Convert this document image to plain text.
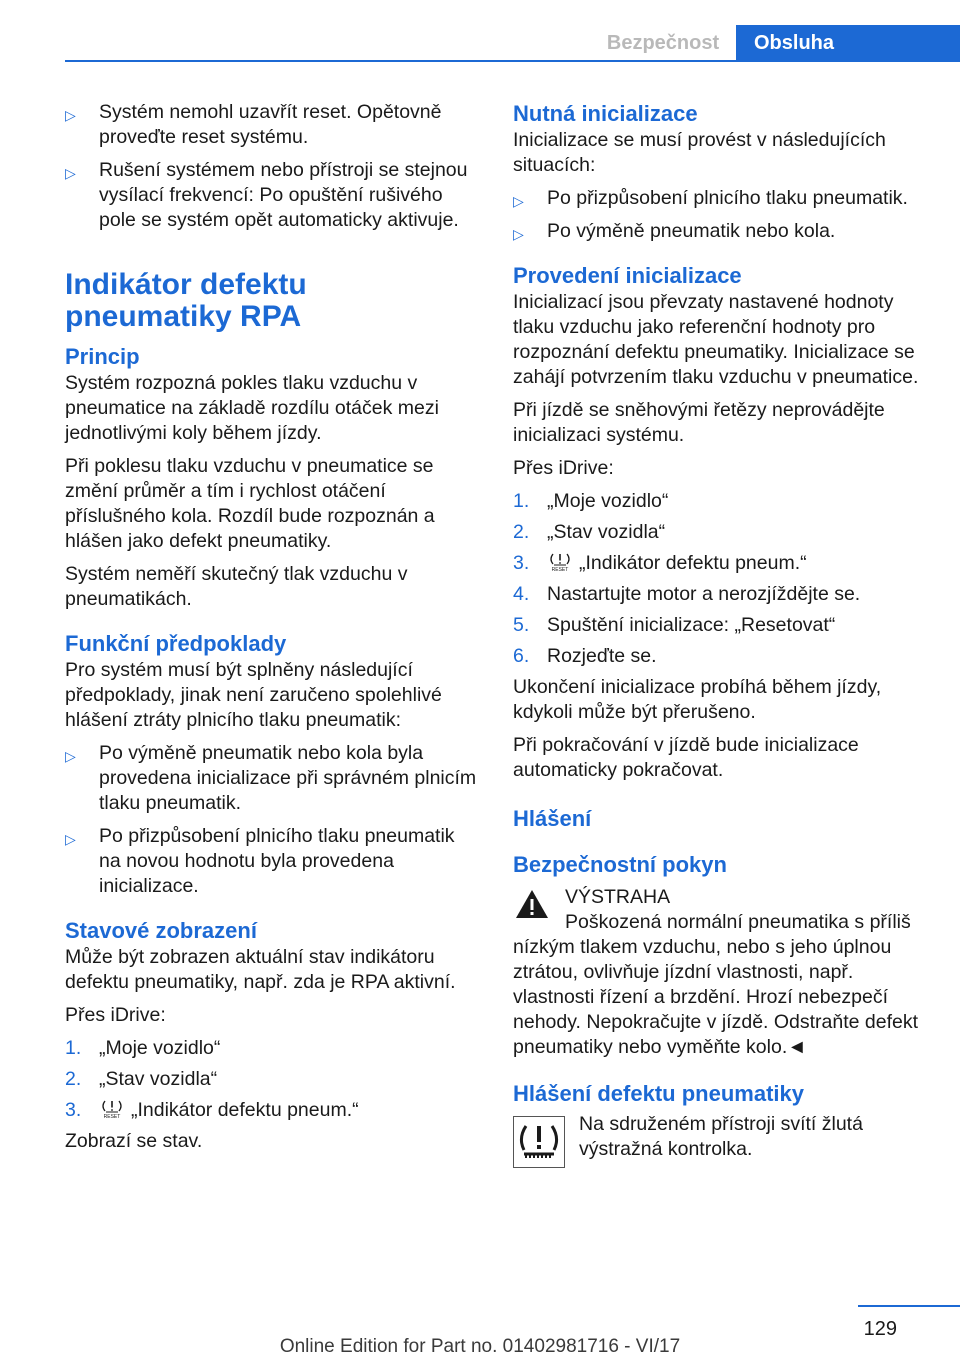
Bezpečnost	Obsluha
▷ Systém nemohl uzavřít reset. Opětovně proveďte reset systému.
▷ Rušení systémem nebo přístroji se stejnou vysílací frekvencí: Po opuštění rušivého pole se systém opět automaticky aktivuje.
Indikátor defektu pneumatiky RPA
Princip

Systém rozpozná pokles tlaku vzduchu v pneumatice na základě rozdílu otáček mezi jednotlivými koly během jízdy.

Při poklesu tlaku vzduchu v pneumatice se změní průměr a tím i rychlost otáčení příslušného kola. Rozdíl bude rozpoznán a hlášen jako defekt pneumatiky.

Systém neměří skutečný tlak vzduchu v pneumatikách.

Funkční předpoklady

Pro systém musí být splněny následující předpoklady, jinak není zaručeno spolehlivé hlášení ztráty plnicího tlaku pneumatik:

▷ Po výměně pneumatik nebo kola byla provedena inicializace při správném plnicím tlaku pneumatik.
▷ Po přizpůsobení plnicího tlaku pneumatik na novou hodnotu byla provedena inicializace.
Stavové zobrazení

Může být zobrazen aktuální stav indikátoru defektu pneumatiky, např. zda je RPA aktivní.

Přes iDrive:

1. „Moje vozidlo“
2. „Stav vozidla“
3.	RESET „Indikátor defektu pneum.“

Zobrazí se stav.

Nutná inicializace

Inicializace se musí provést v následujících situacích:

▷ Po přizpůsobení plnicího tlaku pneumatik.
▷ Po výměně pneumatik nebo kola.
Provedení inicializace

Inicializací jsou převzaty nastavené hodnoty tlaku vzduchu jako referenční hodnoty pro rozpoznání defektu pneumatiky. Inicializace se zahájí potvrzením tlaku vzduchu v pneumatice.

Při jízdě se sněhovými řetězy neprovádějte inicializaci systému.

Přes iDrive:

1. „Moje vozidlo“
2. „Stav vozidla“
3.	RESET „Indikátor defektu pneum.“
4. Nastartujte motor a nerozjíždějte se.
5. Spuštění inicializace: „Resetovat“
6. Rozjeďte se.

Ukončení inicializace probíhá během jízdy, kdykoli může být přerušeno.

Při pokračování v jízdě bude inicializace automaticky pokračovat.

Hlášení
Bezpečnostní pokyn

VÝSTRAHA

Poškozená normální pneumatika s příliš nízkým tlakem vzduchu, nebo s jeho úplnou ztrátou, ovlivňuje jízdní vlastnosti, např. vlastnosti řízení a brzdění. Hrozí nebezpečí nehody. Nepokračujte v jízdě. Odstraňte defekt pneumatiky nebo vyměňte kolo.◄

Hlášení defektu pneumatiky

Na sdruženém přístroji svítí žlutá výstražná kontrolka.

129
Online Edition for Part no. 01402981716 - VI/17
